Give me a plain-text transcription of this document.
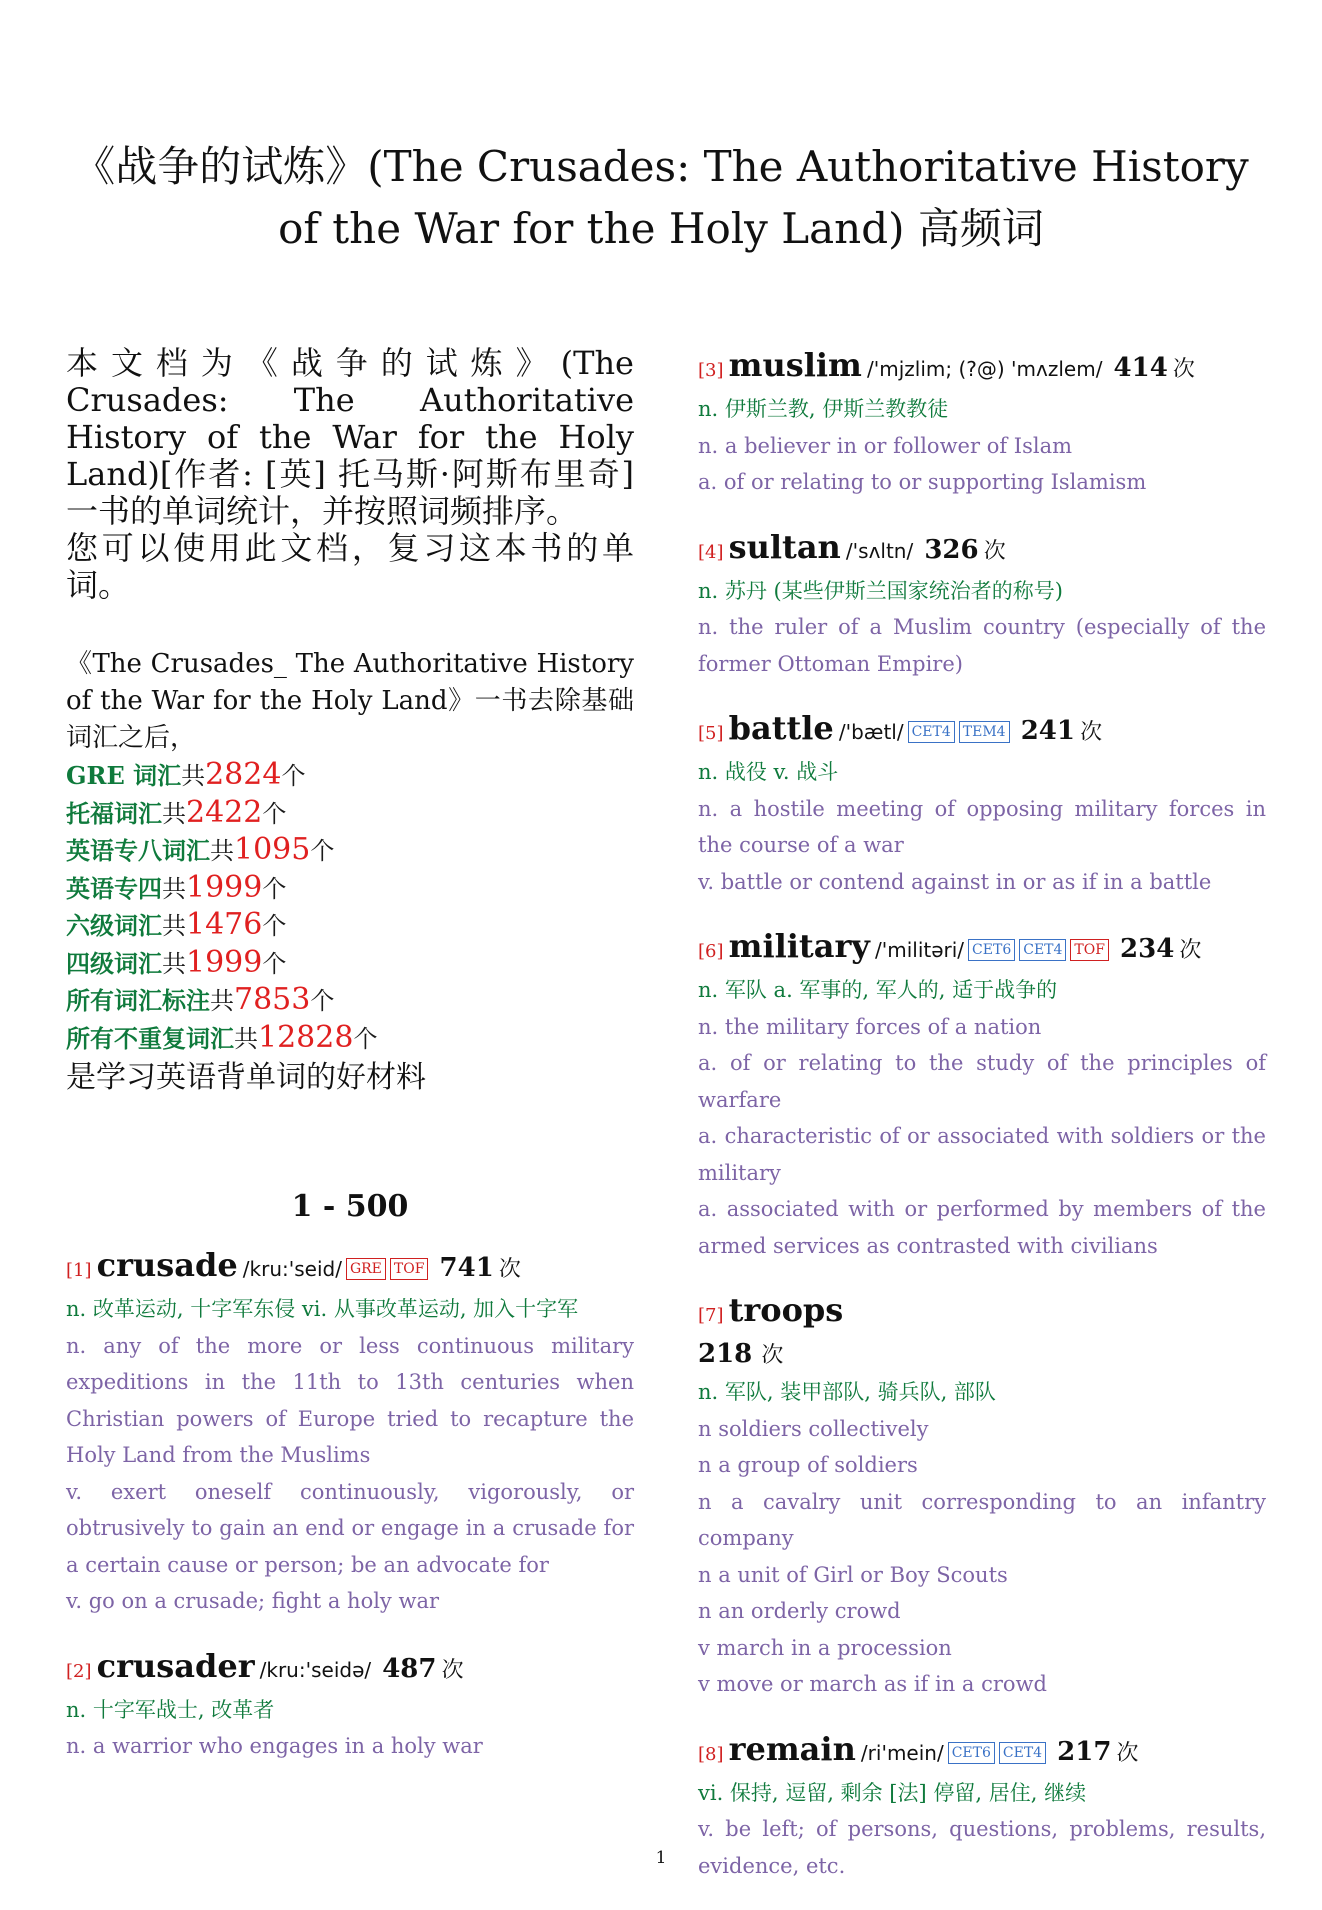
《战争的试炼》(The Crusades: The Authoritative History of the War for the Holy Land) 高频词

本文档为《战争的试炼》(The Crusades: The Authoritative History of the War for the Holy Land)[作者: [英] 托马斯·阿斯布里奇] 一书的单词统计，并按照词频排序。
您可以使用此文档，复习这本书的单词。

《The Crusades_ The Authoritative History of the War for the Holy Land》一书去除基础词汇之后，

GRE 词汇共2824个
托福词汇共2422个
英语专八词汇共1095个
英语专四共1999个
六级词汇共1476个
四级词汇共1999个
所有词汇标注共7853个
所有不重复词汇共12828个

是学习英语背单词的好材料

1 - 500
[1] crusade /kru:'seid/ GRE TOF 741 次

n. 改革运动, 十字军东侵 vi. 从事改革运动, 加入十字军

n. any of the more or less continuous military expeditions in the 11th to 13th centuries when Christian powers of Europe tried to recapture the Holy Land from the Muslims

v. exert oneself continuously, vigorously, or obtrusively to gain an end or engage in a crusade for a certain cause or person; be an advocate for

v. go on a crusade; fight a holy war

[2] crusader /kru:'seidə/ 487 次

n. 十字军战士, 改革者

n. a warrior who engages in a holy war

[3] muslim /'mjzlim; (?@) 'mʌzlem/ 414 次

n. 伊斯兰教, 伊斯兰教教徒

n. a believer in or follower of Islam

a. of or relating to or supporting Islamism

[4] sultan /'sʌltn/ 326 次

n. 苏丹 (某些伊斯兰国家统治者的称号)

n. the ruler of a Muslim country (especially of the former Ottoman Empire)

[5] battle /'bætl/ CET4 TEM4 241 次

n. 战役 v. 战斗

n. a hostile meeting of opposing military forces in the course of a war

v. battle or contend against in or as if in a battle

[6] military /'militəri/ CET6 CET4 TOF 234 次

n. 军队 a. 军事的, 军人的, 适于战争的

n. the military forces of a nation

a. of or relating to the study of the principles of warfare

a. characteristic of or associated with soldiers or the military

a. associated with or performed by members of the armed services as contrasted with civilians

[7] troops
218 次

n. 军队, 装甲部队, 骑兵队, 部队

n soldiers collectively

n a group of soldiers

n a cavalry unit corresponding to an infantry company

n a unit of Girl or Boy Scouts

n an orderly crowd

v march in a procession

v move or march as if in a crowd

[8] remain /ri'mein/ CET6 CET4 217 次

vi. 保持, 逗留, 剩余 [法] 停留, 居住, 继续

v. be left; of persons, questions, problems, results, evidence, etc.

1
